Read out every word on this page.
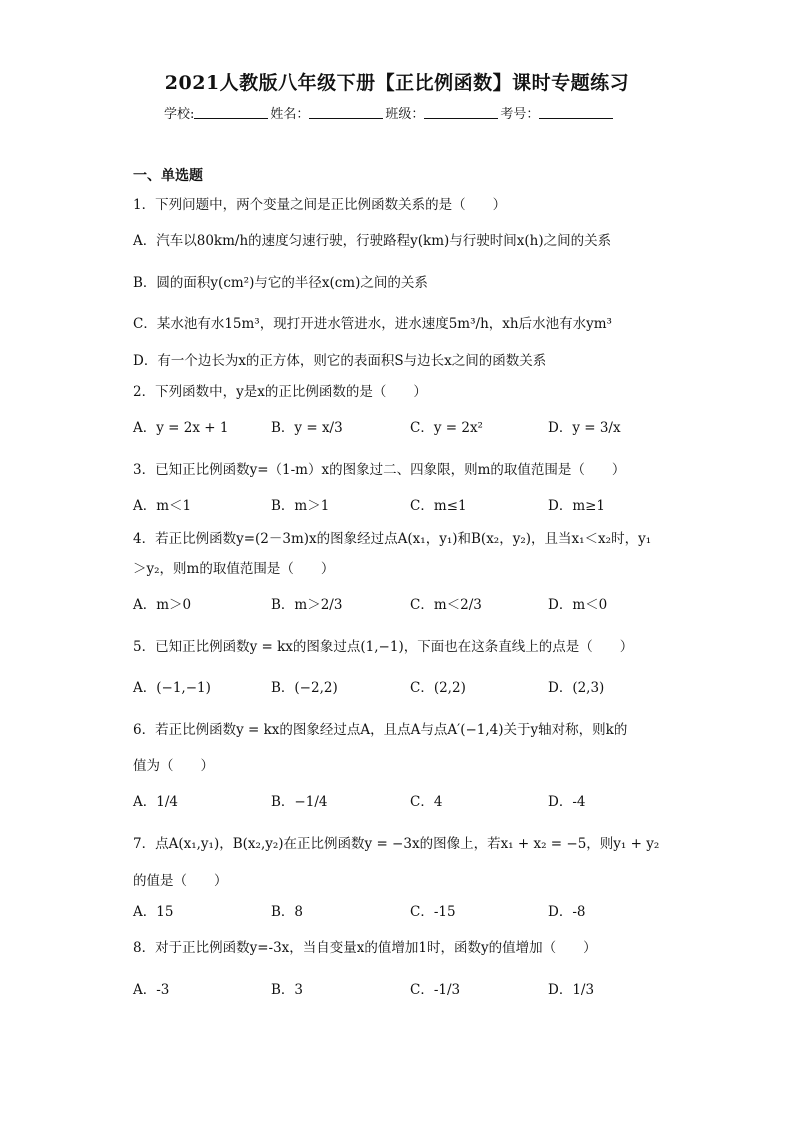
2021人教版八年级下册【正比例函数】课时专题练习
学校:	姓名：	班级：	考号：
一、单选题
1．下列问题中，两个变量之间是正比例函数关系的是（　　）
A．汽车以80km/h的速度匀速行驶，行驶路程y(km)与行驶时间x(h)之间的关系
B．圆的面积y(cm²)与它的半径x(cm)之间的关系
C．某水池有水15m³，现打开进水管进水，进水速度5m³/h，xh后水池有水ym³
D．有一个边长为x的正方体，则它的表面积S与边长x之间的函数关系
2．下列函数中，y是x的正比例函数的是（　　）
A．y = 2x + 1	B．y = x/3	C．y = 2x²	D．y = 3/x
3．已知正比例函数y=（1-m）x的图象过二、四象限，则m的取值范围是（　　）
A．m＜1	B．m＞1	C．m≤1	D．m≥1
4．若正比例函数y=(2－3m)x的图象经过点A(x₁，y₁)和B(x₂，y₂)，且当x₁＜x₂时，y₁
＞y₂，则m的取值范围是（　　）
A．m＞0	B．m＞2/3	C．m＜2/3	D．m＜0
5．已知正比例函数y = kx的图象过点(1,−1)，下面也在这条直线上的点是（　　）
A．(−1,−1)	B．(−2,2)	C．(2,2)	D．(2,3)
6．若正比例函数y = kx的图象经过点A，且点A与点A′(−1,4)关于y轴对称，则k的
值为（　　）
A．1/4	B．−1/4	C．4	D．-4
7．点A(x₁,y₁)，B(x₂,y₂)在正比例函数y = −3x的图像上，若x₁ + x₂ = −5，则y₁ + y₂
的值是（　　）
A．15	B．8	C．-15	D．-8
8．对于正比例函数y=-3x，当自变量x的值增加1时，函数y的值增加（　　）
A．-3	B．3	C．-1/3	D．1/3
